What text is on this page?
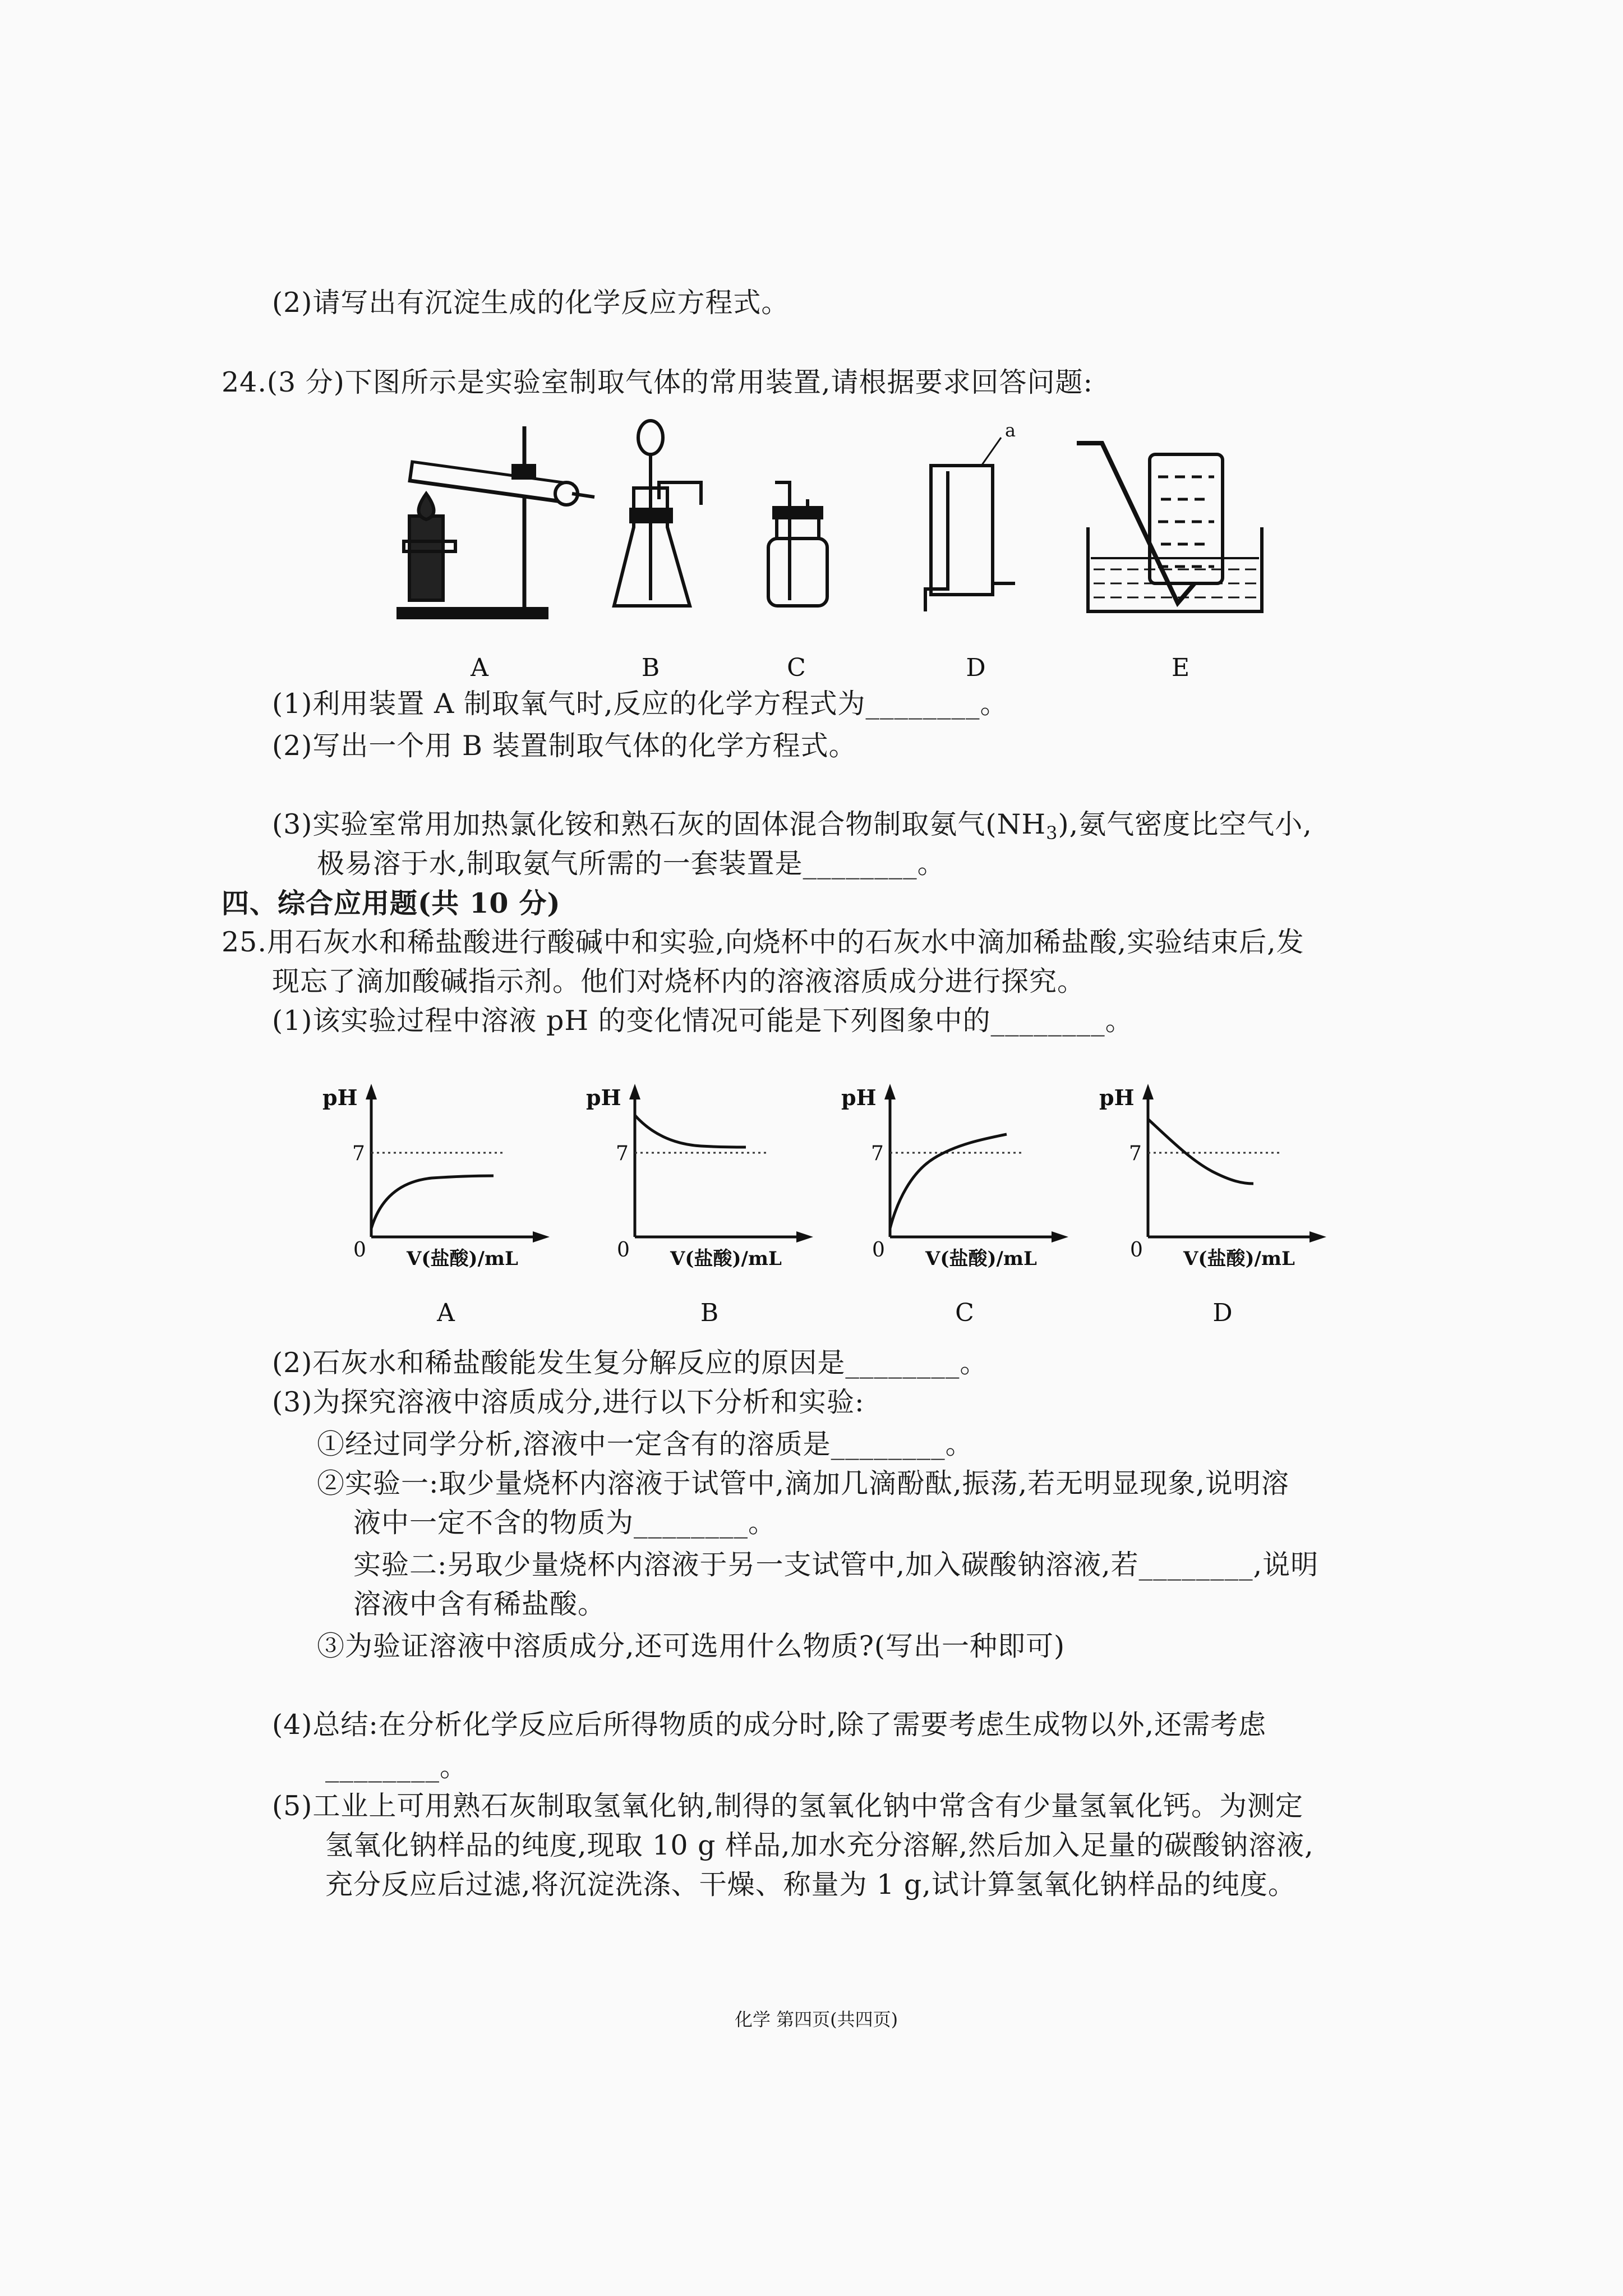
(2)请写出有沉淀生成的化学反应方程式。
24.(3 分)下图所示是实验室制取气体的常用装置,请根据要求回答问题:
A	B	C	D	E
a
(1)利用装置 A 制取氧气时,反应的化学方程式为________。
(2)写出一个用 B 装置制取气体的化学方程式。
(3)实验室常用加热氯化铵和熟石灰的固体混合物制取氨气$(NH_3)$,氨气密度比空气小,
极易溶于水,制取氨气所需的一套装置是________。
四、综合应用题(共 10 分)
25.用石灰水和稀盐酸进行酸碱中和实验,向烧杯中的石灰水中滴加稀盐酸,实验结束后,发
现忘了滴加酸碱指示剂。他们对烧杯内的溶液溶质成分进行探究。
(1)该实验过程中溶液 pH 的变化情况可能是下列图象中的________。
pH
7
0 V(盐酸)/mL
A
pH
7
0 V(盐酸)/mL
B
pH
7
0 V(盐酸)/mL
C
pH
7
0 V(盐酸)/mL
D
(2)石灰水和稀盐酸能发生复分解反应的原因是________。
(3)为探究溶液中溶质成分,进行以下分析和实验:
①经过同学分析,溶液中一定含有的溶质是________。
②实验一:取少量烧杯内溶液于试管中,滴加几滴酚酞,振荡,若无明显现象,说明溶
液中一定不含的物质为________。
实验二:另取少量烧杯内溶液于另一支试管中,加入碳酸钠溶液,若________,说明
溶液中含有稀盐酸。
③为验证溶液中溶质成分,还可选用什么物质?(写出一种即可)
(4)总结:在分析化学反应后所得物质的成分时,除了需要考虑生成物以外,还需考虑
________。
(5)工业上可用熟石灰制取氢氧化钠,制得的氢氧化钠中常含有少量氢氧化钙。为测定
氢氧化钠样品的纯度,现取 10 g 样品,加水充分溶解,然后加入足量的碳酸钠溶液,
充分反应后过滤,将沉淀洗涤、干燥、称量为 1 g,试计算氢氧化钠样品的纯度。
化学 第四页(共四页)
